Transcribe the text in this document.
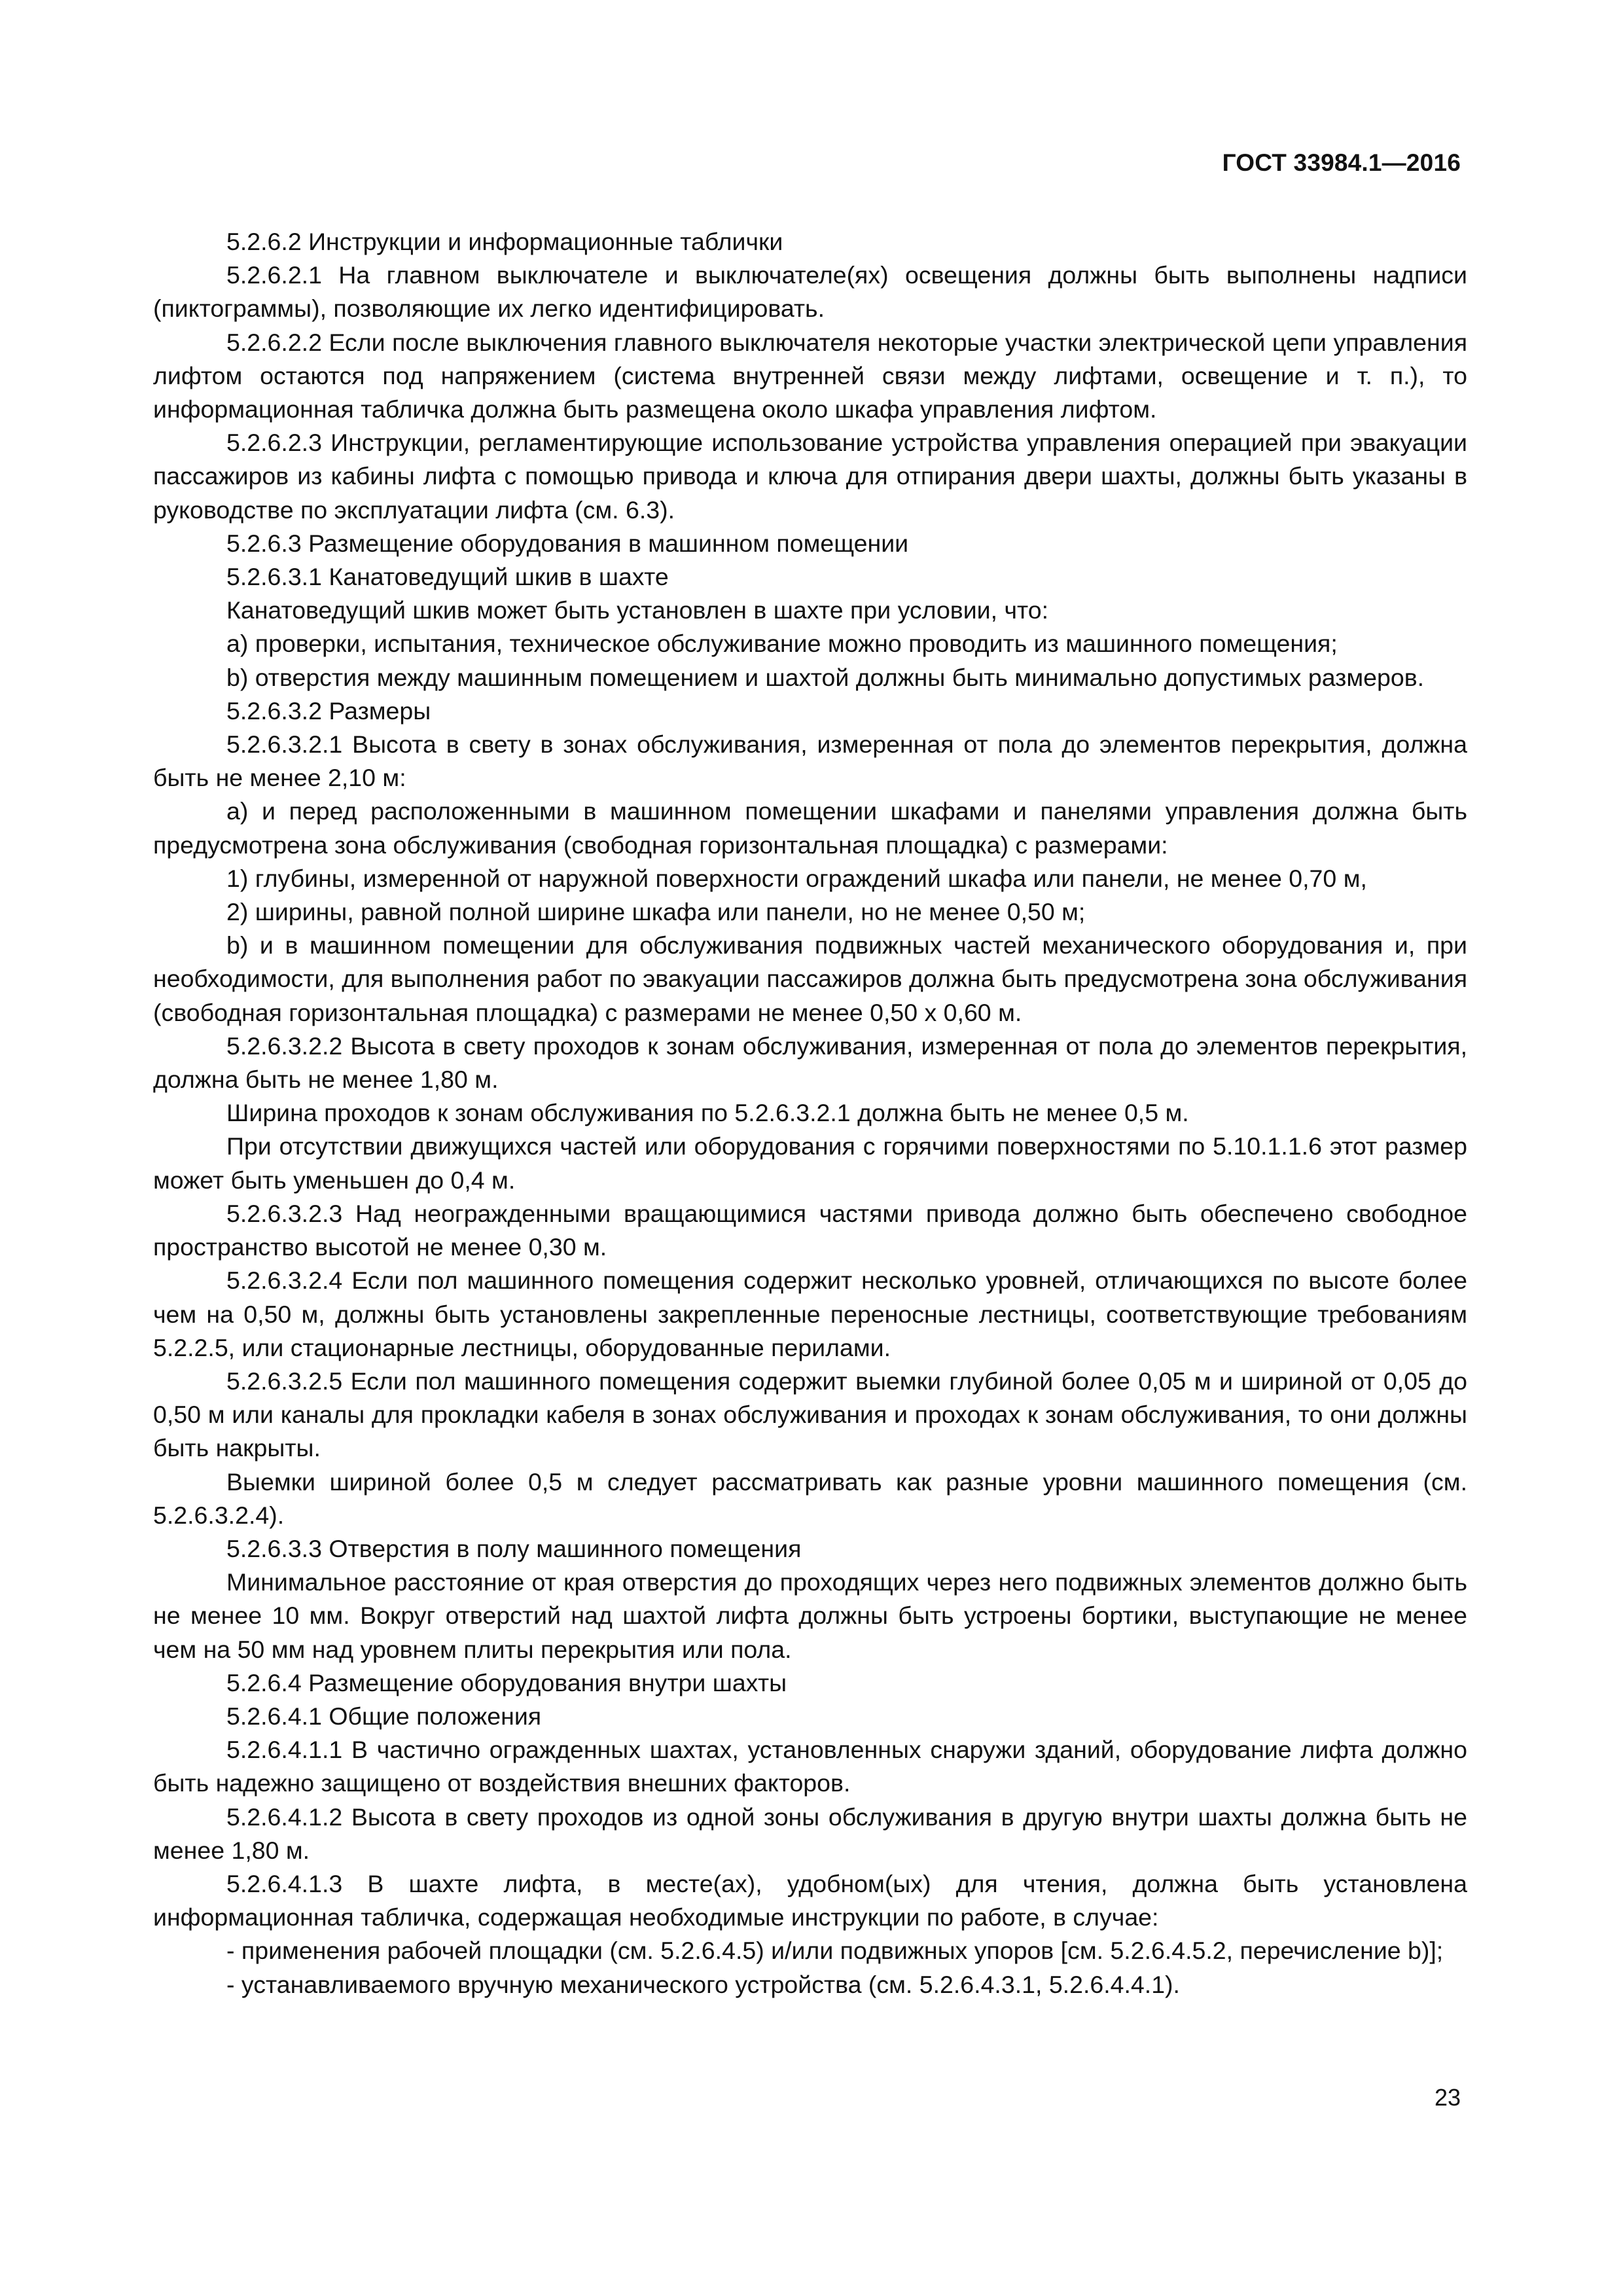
ГОСТ 33984.1—2016

5.2.6.2 Инструкции и информационные таблички

5.2.6.2.1 На главном выключателе и выключателе(ях) освещения должны быть выполнены надписи (пиктограммы), позволяющие их легко идентифицировать.

5.2.6.2.2 Если после выключения главного выключателя некоторые участки электрической цепи управления лифтом остаются под напряжением (система внутренней связи между лифтами, освещение и т. п.), то информационная табличка должна быть размещена около шкафа управления лифтом.

5.2.6.2.3 Инструкции, регламентирующие использование устройства управления операцией при эвакуации пассажиров из кабины лифта с помощью привода и ключа для отпирания двери шахты, должны быть указаны в руководстве по эксплуатации лифта (см. 6.3).

5.2.6.3 Размещение оборудования в машинном помещении

5.2.6.3.1 Канатоведущий шкив в шахте

Канатоведущий шкив может быть установлен в шахте при условии, что:

a) проверки, испытания, техническое обслуживание можно проводить из машинного помещения;

b) отверстия между машинным помещением и шахтой должны быть минимально допустимых размеров.

5.2.6.3.2 Размеры

5.2.6.3.2.1 Высота в свету в зонах обслуживания, измеренная от пола до элементов перекрытия, должна быть не менее 2,10 м:

a) и перед расположенными в машинном помещении шкафами и панелями управления должна быть предусмотрена зона обслуживания (свободная горизонтальная площадка) с размерами:

1) глубины, измеренной от наружной поверхности ограждений шкафа или панели, не менее 0,70 м,

2) ширины, равной полной ширине шкафа или панели, но не менее 0,50 м;

b) и в машинном помещении для обслуживания подвижных частей механического оборудования и, при необходимости, для выполнения работ по эвакуации пассажиров должна быть предусмотрена зона обслуживания (свободная горизонтальная площадка) с размерами не менее 0,50 x 0,60 м.

5.2.6.3.2.2 Высота в свету проходов к зонам обслуживания, измеренная от пола до элементов перекрытия, должна быть не менее 1,80 м.

Ширина проходов к зонам обслуживания по 5.2.6.3.2.1 должна быть не менее 0,5 м.

При отсутствии движущихся частей или оборудования с горячими поверхностями по 5.10.1.1.6 этот размер может быть уменьшен до 0,4 м.

5.2.6.3.2.3 Над неогражденными вращающимися частями привода должно быть обеспечено свободное пространство высотой не менее 0,30 м.

5.2.6.3.2.4 Если пол машинного помещения содержит несколько уровней, отличающихся по высоте более чем на 0,50 м, должны быть установлены закрепленные переносные лестницы, соответствующие требованиям 5.2.2.5, или стационарные лестницы, оборудованные перилами.

5.2.6.3.2.5 Если пол машинного помещения содержит выемки глубиной более 0,05 м и шириной от 0,05 до 0,50 м или каналы для прокладки кабеля в зонах обслуживания и проходах к зонам обслуживания, то они должны быть накрыты.

Выемки шириной более 0,5 м следует рассматривать как разные уровни машинного помещения (см. 5.2.6.3.2.4).

5.2.6.3.3 Отверстия в полу машинного помещения

Минимальное расстояние от края отверстия до проходящих через него подвижных элементов должно быть не менее 10 мм. Вокруг отверстий над шахтой лифта должны быть устроены бортики, выступающие не менее чем на 50 мм над уровнем плиты перекрытия или пола.

5.2.6.4 Размещение оборудования внутри шахты

5.2.6.4.1 Общие положения

5.2.6.4.1.1 В частично огражденных шахтах, установленных снаружи зданий, оборудование лифта должно быть надежно защищено от воздействия внешних факторов.

5.2.6.4.1.2 Высота в свету проходов из одной зоны обслуживания в другую внутри шахты должна быть не менее 1,80 м.

5.2.6.4.1.3 В шахте лифта, в месте(ах), удобном(ых) для чтения, должна быть установлена информационная табличка, содержащая необходимые инструкции по работе, в случае:

- применения рабочей площадки (см. 5.2.6.4.5) и/или подвижных упоров [см. 5.2.6.4.5.2, перечисление b)];

- устанавливаемого вручную механического устройства (см. 5.2.6.4.3.1, 5.2.6.4.4.1).

23
